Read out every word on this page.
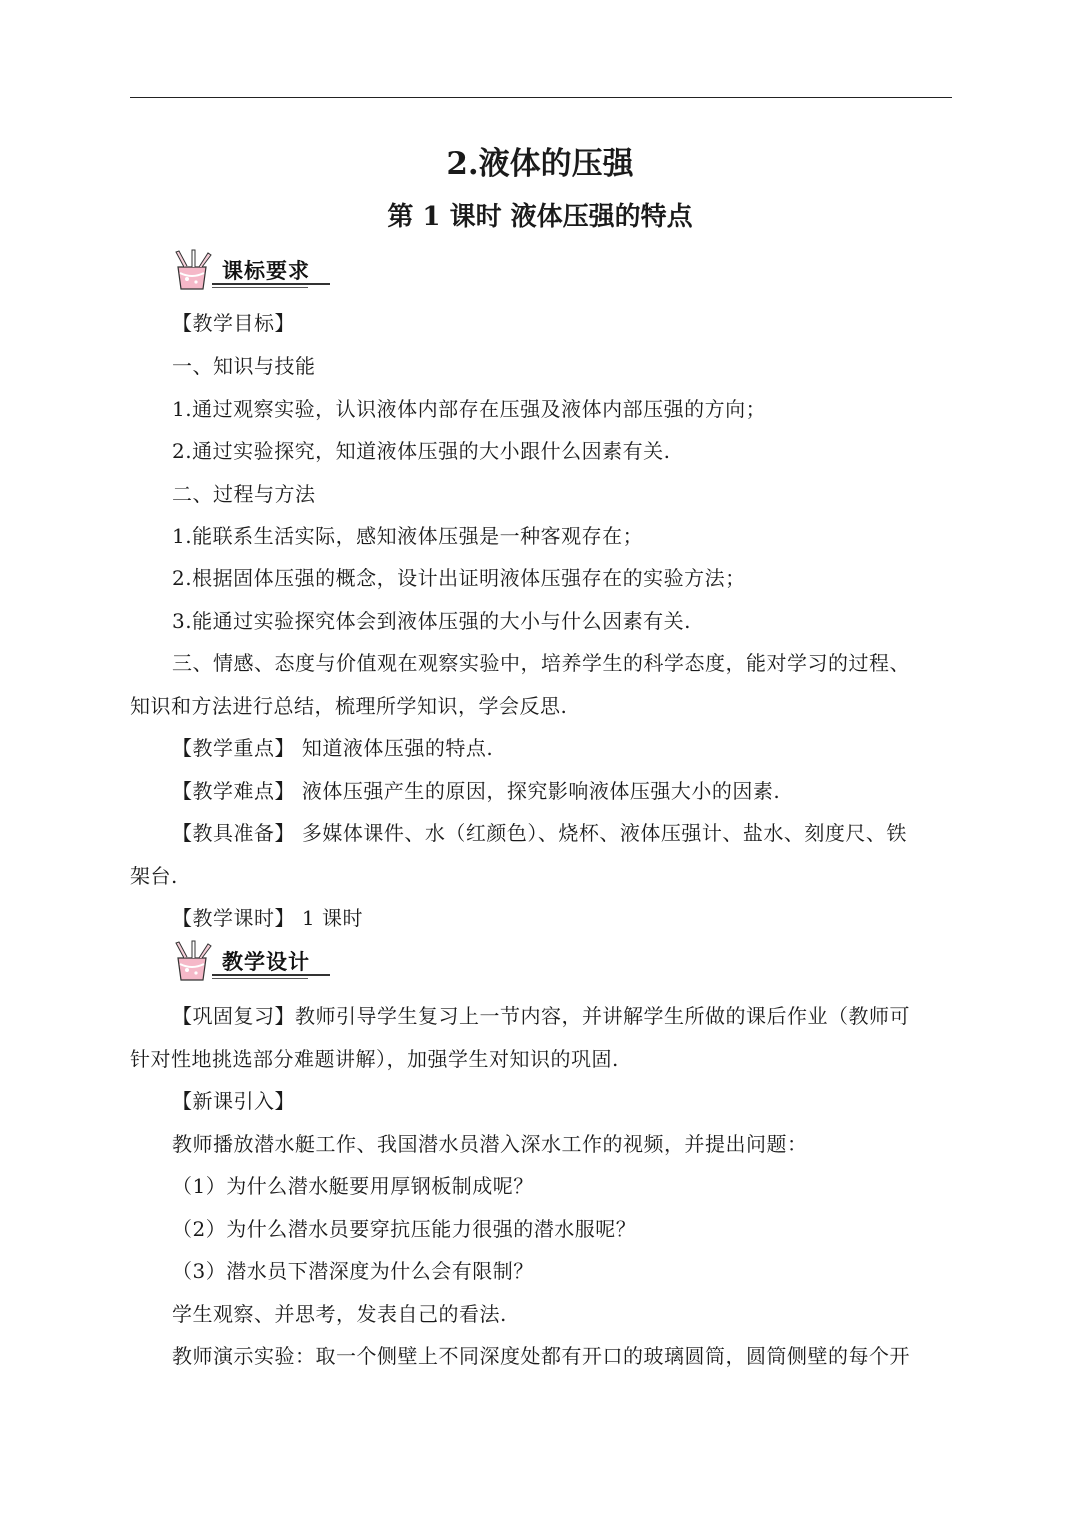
2.液体的压强
第 1 课时 液体压强的特点
课标要求
【教学目标】
一、知识与技能
1.通过观察实验，认识液体内部存在压强及液体内部压强的方向；
2.通过实验探究，知道液体压强的大小跟什么因素有关.
二、过程与方法
1.能联系生活实际，感知液体压强是一种客观存在；
2.根据固体压强的概念，设计出证明液体压强存在的实验方法；
3.能通过实验探究体会到液体压强的大小与什么因素有关.
三、情感、态度与价值观在观察实验中，培养学生的科学态度，能对学习的过程、
知识和方法进行总结，梳理所学知识，学会反思.
【教学重点】 知道液体压强的特点.
【教学难点】 液体压强产生的原因，探究影响液体压强大小的因素.
【教具准备】 多媒体课件、水（红颜色）、烧杯、液体压强计、盐水、刻度尺、铁
架台.
【教学课时】 1 课时
教学设计
【巩固复习】教师引导学生复习上一节内容，并讲解学生所做的课后作业（教师可
针对性地挑选部分难题讲解），加强学生对知识的巩固.
【新课引入】
教师播放潜水艇工作、我国潜水员潜入深水工作的视频，并提出问题：
（1）为什么潜水艇要用厚钢板制成呢？
（2）为什么潜水员要穿抗压能力很强的潜水服呢？
（3）潜水员下潜深度为什么会有限制？
学生观察、并思考，发表自己的看法.
教师演示实验：取一个侧壁上不同深度处都有开口的玻璃圆筒，圆筒侧壁的每个开
